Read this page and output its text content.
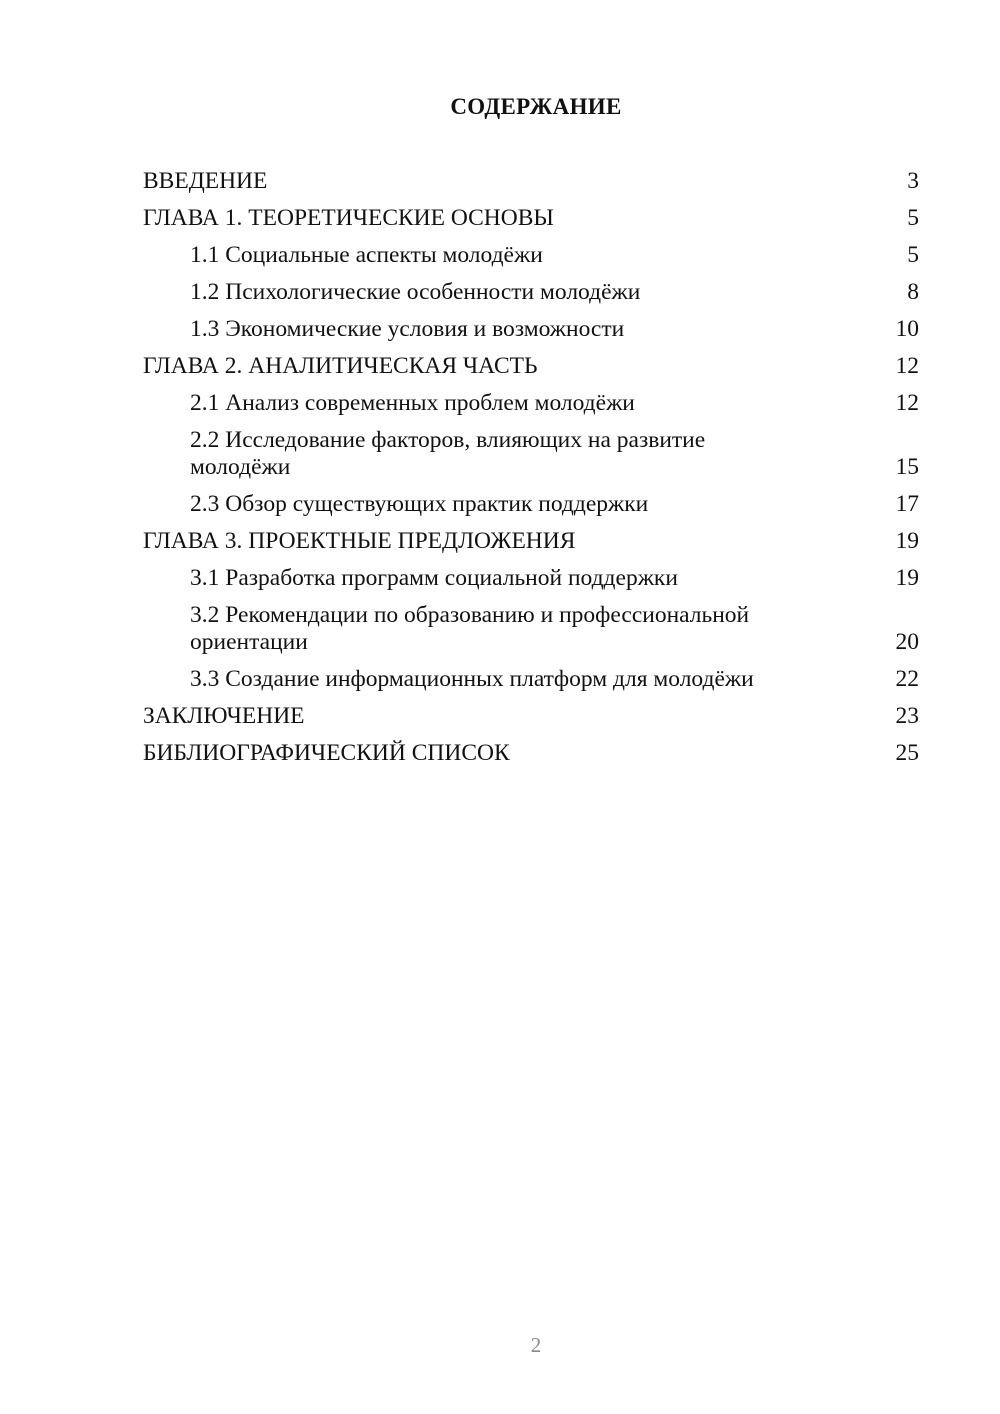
СОДЕРЖАНИЕ
ВВЕДЕНИЕ	3
ГЛАВА 1. ТЕОРЕТИЧЕСКИЕ ОСНОВЫ	5
1.1 Социальные аспекты молодёжи	5
1.2 Психологические особенности молодёжи	8
1.3 Экономические условия и возможности	10
ГЛАВА 2. АНАЛИТИЧЕСКАЯ ЧАСТЬ	12
2.1 Анализ современных проблем молодёжи	12
2.2 Исследование факторов, влияющих на развитие
молодёжи	15
2.3 Обзор существующих практик поддержки	17
ГЛАВА 3. ПРОЕКТНЫЕ ПРЕДЛОЖЕНИЯ	19
3.1 Разработка программ социальной поддержки	19
3.2 Рекомендации по образованию и профессиональной
ориентации	20
3.3 Создание информационных платформ для молодёжи	22
ЗАКЛЮЧЕНИЕ	23
БИБЛИОГРАФИЧЕСКИЙ СПИСОК	25
2
